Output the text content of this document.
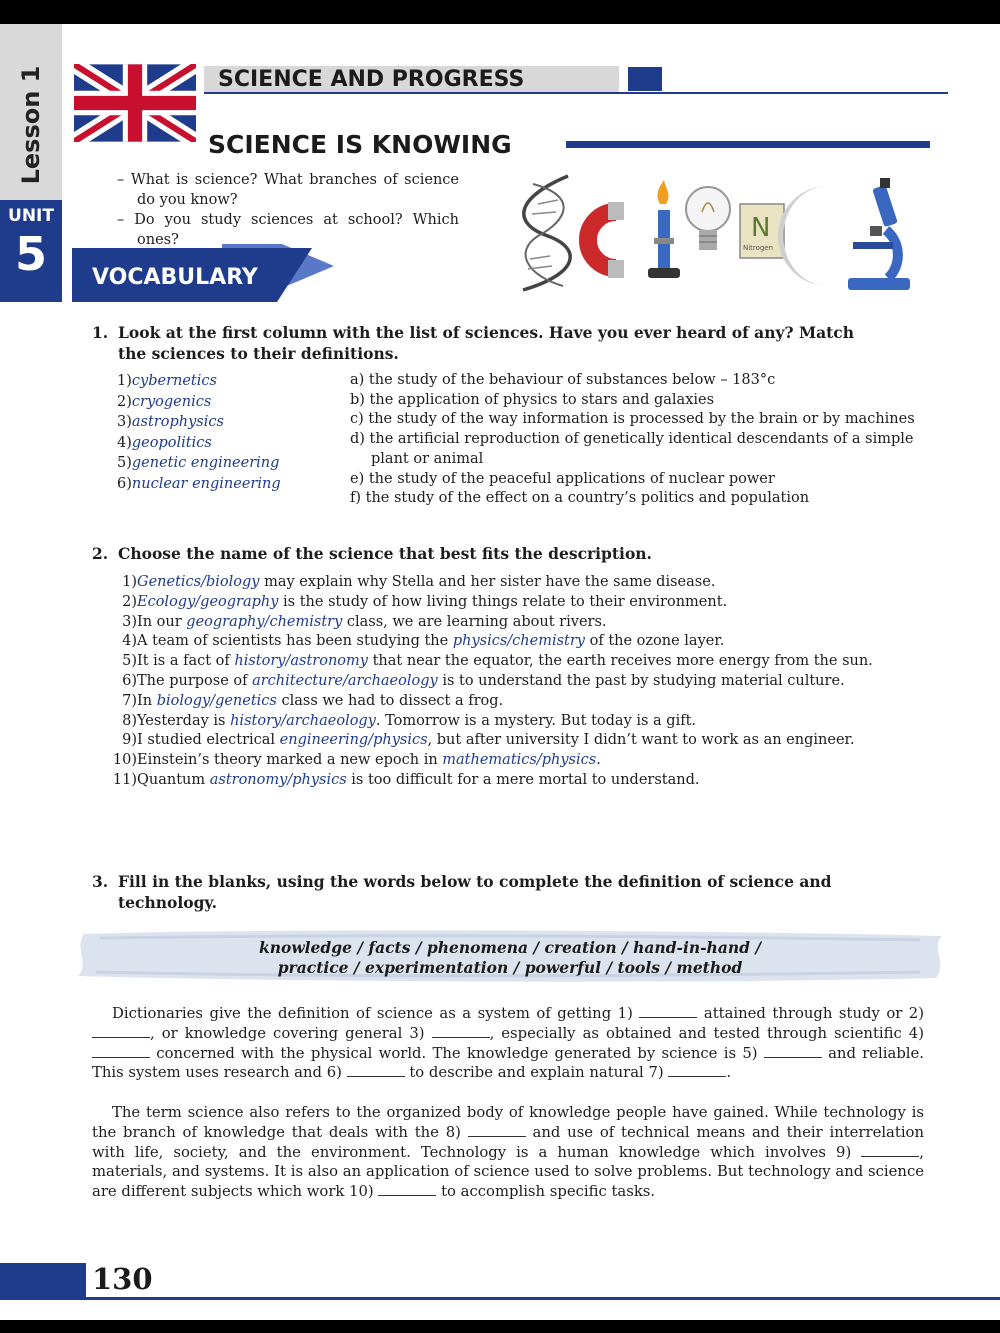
Lesson 1
UNIT
5
SCIENCE AND PROGRESS
SCIENCE IS KNOWING

– What is science? What branches of science do you know?

– Do you study sciences at school? Which ones?

VOCABULARY
N
Nitrogen
1. Look at the first column with the list of sciences. Have you ever heard of any? Match
the sciences to their definitions.
1)cybernetics
2)cryogenics
3)astrophysics
4)geopolitics
5)genetic engineering
6)nuclear engineering
a) the study of the behaviour of substances below – 183°c
b) the application of physics to stars and galaxies
c) the study of the way information is processed by the brain or by machines
d) the artificial reproduction of genetically identical descendants of a simple plant or animal
e) the study of the peaceful applications of nuclear power
f) the study of the effect on a country’s politics and population
2. Choose the name of the science that best fits the description.
1)Genetics/biology may explain why Stella and her sister have the same disease.
2)Ecology/geography is the study of how living things relate to their environment.
3)In our geography/chemistry class, we are learning about rivers.
4)A team of scientists has been studying the physics/chemistry of the ozone layer.
5)It is a fact of history/astronomy that near the equator, the earth receives more energy from the sun.
6)The purpose of architecture/archaeology is to understand the past by studying material culture.
7)In biology/genetics class we had to dissect a frog.
8)Yesterday is history/archaeology. Tomorrow is a mystery. But today is a gift.
9)I studied electrical engineering/physics, but after university I didn’t want to work as an engineer.
10)Einstein’s theory marked a new epoch in mathematics/physics.
11)Quantum astronomy/physics is too difficult for a mere mortal to understand.
3. Fill in the blanks, using the words below to complete the definition of science and
technology.
knowledge / facts / phenomena / creation / hand-in-hand /
practice / experimentation / powerful / tools / method
Dictionaries give the definition of science as a system of getting 1)	attained through study or 2) , or knowledge covering general 3)	, especially as obtained and tested through scientific 4)  concerned with the physical world. The knowledge generated by science is 5)	and reliable. This system uses research and 6)	to describe and explain natural 7)	.
The term science also refers to the organized body of knowledge people have gained. While technology is the branch of knowledge that deals with the 8)	and use of technical means and their interrelation with life, society, and the environment. Technology is a human knowledge which involves 9)	, materials, and systems. It is also an application of science used to solve problems. But technology and science are different subjects which work 10)	to accomplish specific tasks.
130
